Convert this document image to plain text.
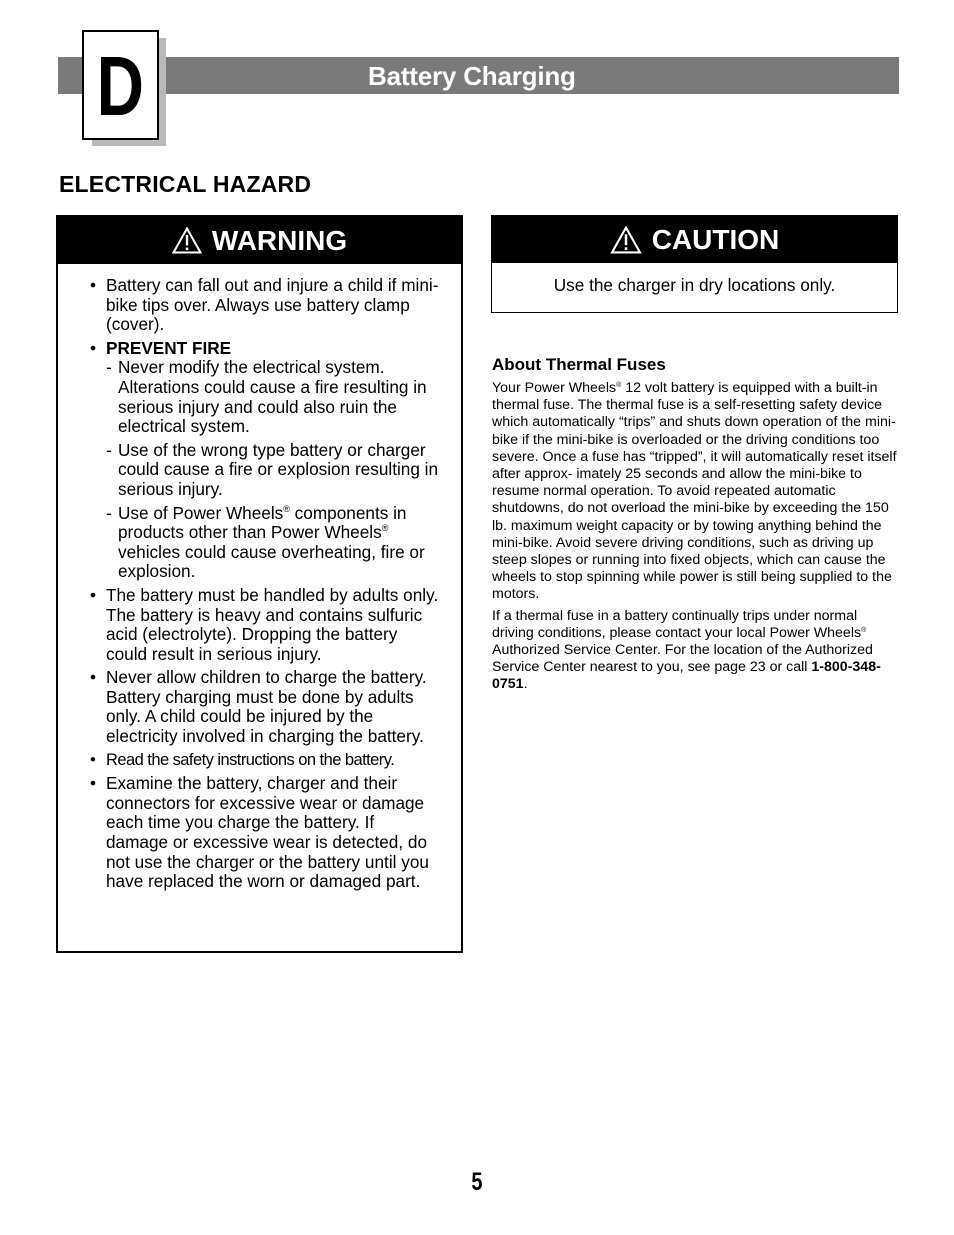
Battery Charging
D
ELECTRICAL HAZARD
WARNING
• Battery can fall out and injure a child if mini-bike tips over. Always use battery clamp (cover).
• PREVENT FIRE
- Never modify the electrical system. Alterations could cause a fire resulting in serious injury and could also ruin the electrical system.
- Use of the wrong type battery or charger could cause a fire or explosion resulting in serious injury.
- Use of Power Wheels® components in products other than Power Wheels® vehicles could cause overheating, fire or explosion.
• The battery must be handled by adults only. The battery is heavy and contains sulfuric acid (electrolyte). Dropping the battery could result in serious injury.
• Never allow children to charge the battery. Battery charging must be done by adults only. A child could be injured by the electricity involved in charging the battery.
• Read the safety instructions on the battery.
• Examine the battery, charger and their connectors for excessive wear or damage each time you charge the battery. If damage or excessive wear is detected, do not use the charger or the battery until you have replaced the worn or damaged part.
CAUTION
Use the charger in dry locations only.
About Thermal Fuses

Your Power Wheels® 12 volt battery is equipped with a built-in thermal fuse. The thermal fuse is a self-resetting safety device which automatically “trips” and shuts down operation of the mini-bike if the mini-bike is overloaded or the driving conditions too severe. Once a fuse has “tripped”, it will automatically reset itself after approx- imately 25 seconds and allow the mini-bike to resume normal operation. To avoid repeated automatic shutdowns, do not overload the mini-bike by exceeding the 150 lb. maximum weight capacity or by towing anything behind the mini-bike. Avoid severe driving conditions, such as driving up steep slopes or running into fixed objects, which can cause the wheels to stop spinning while power is still being supplied to the motors.

If a thermal fuse in a battery continually trips under normal driving conditions, please contact your local Power Wheels® Authorized Service Center. For the location of the Authorized Service Center nearest to you, see page 23 or call 1-800-348-0751.

5
